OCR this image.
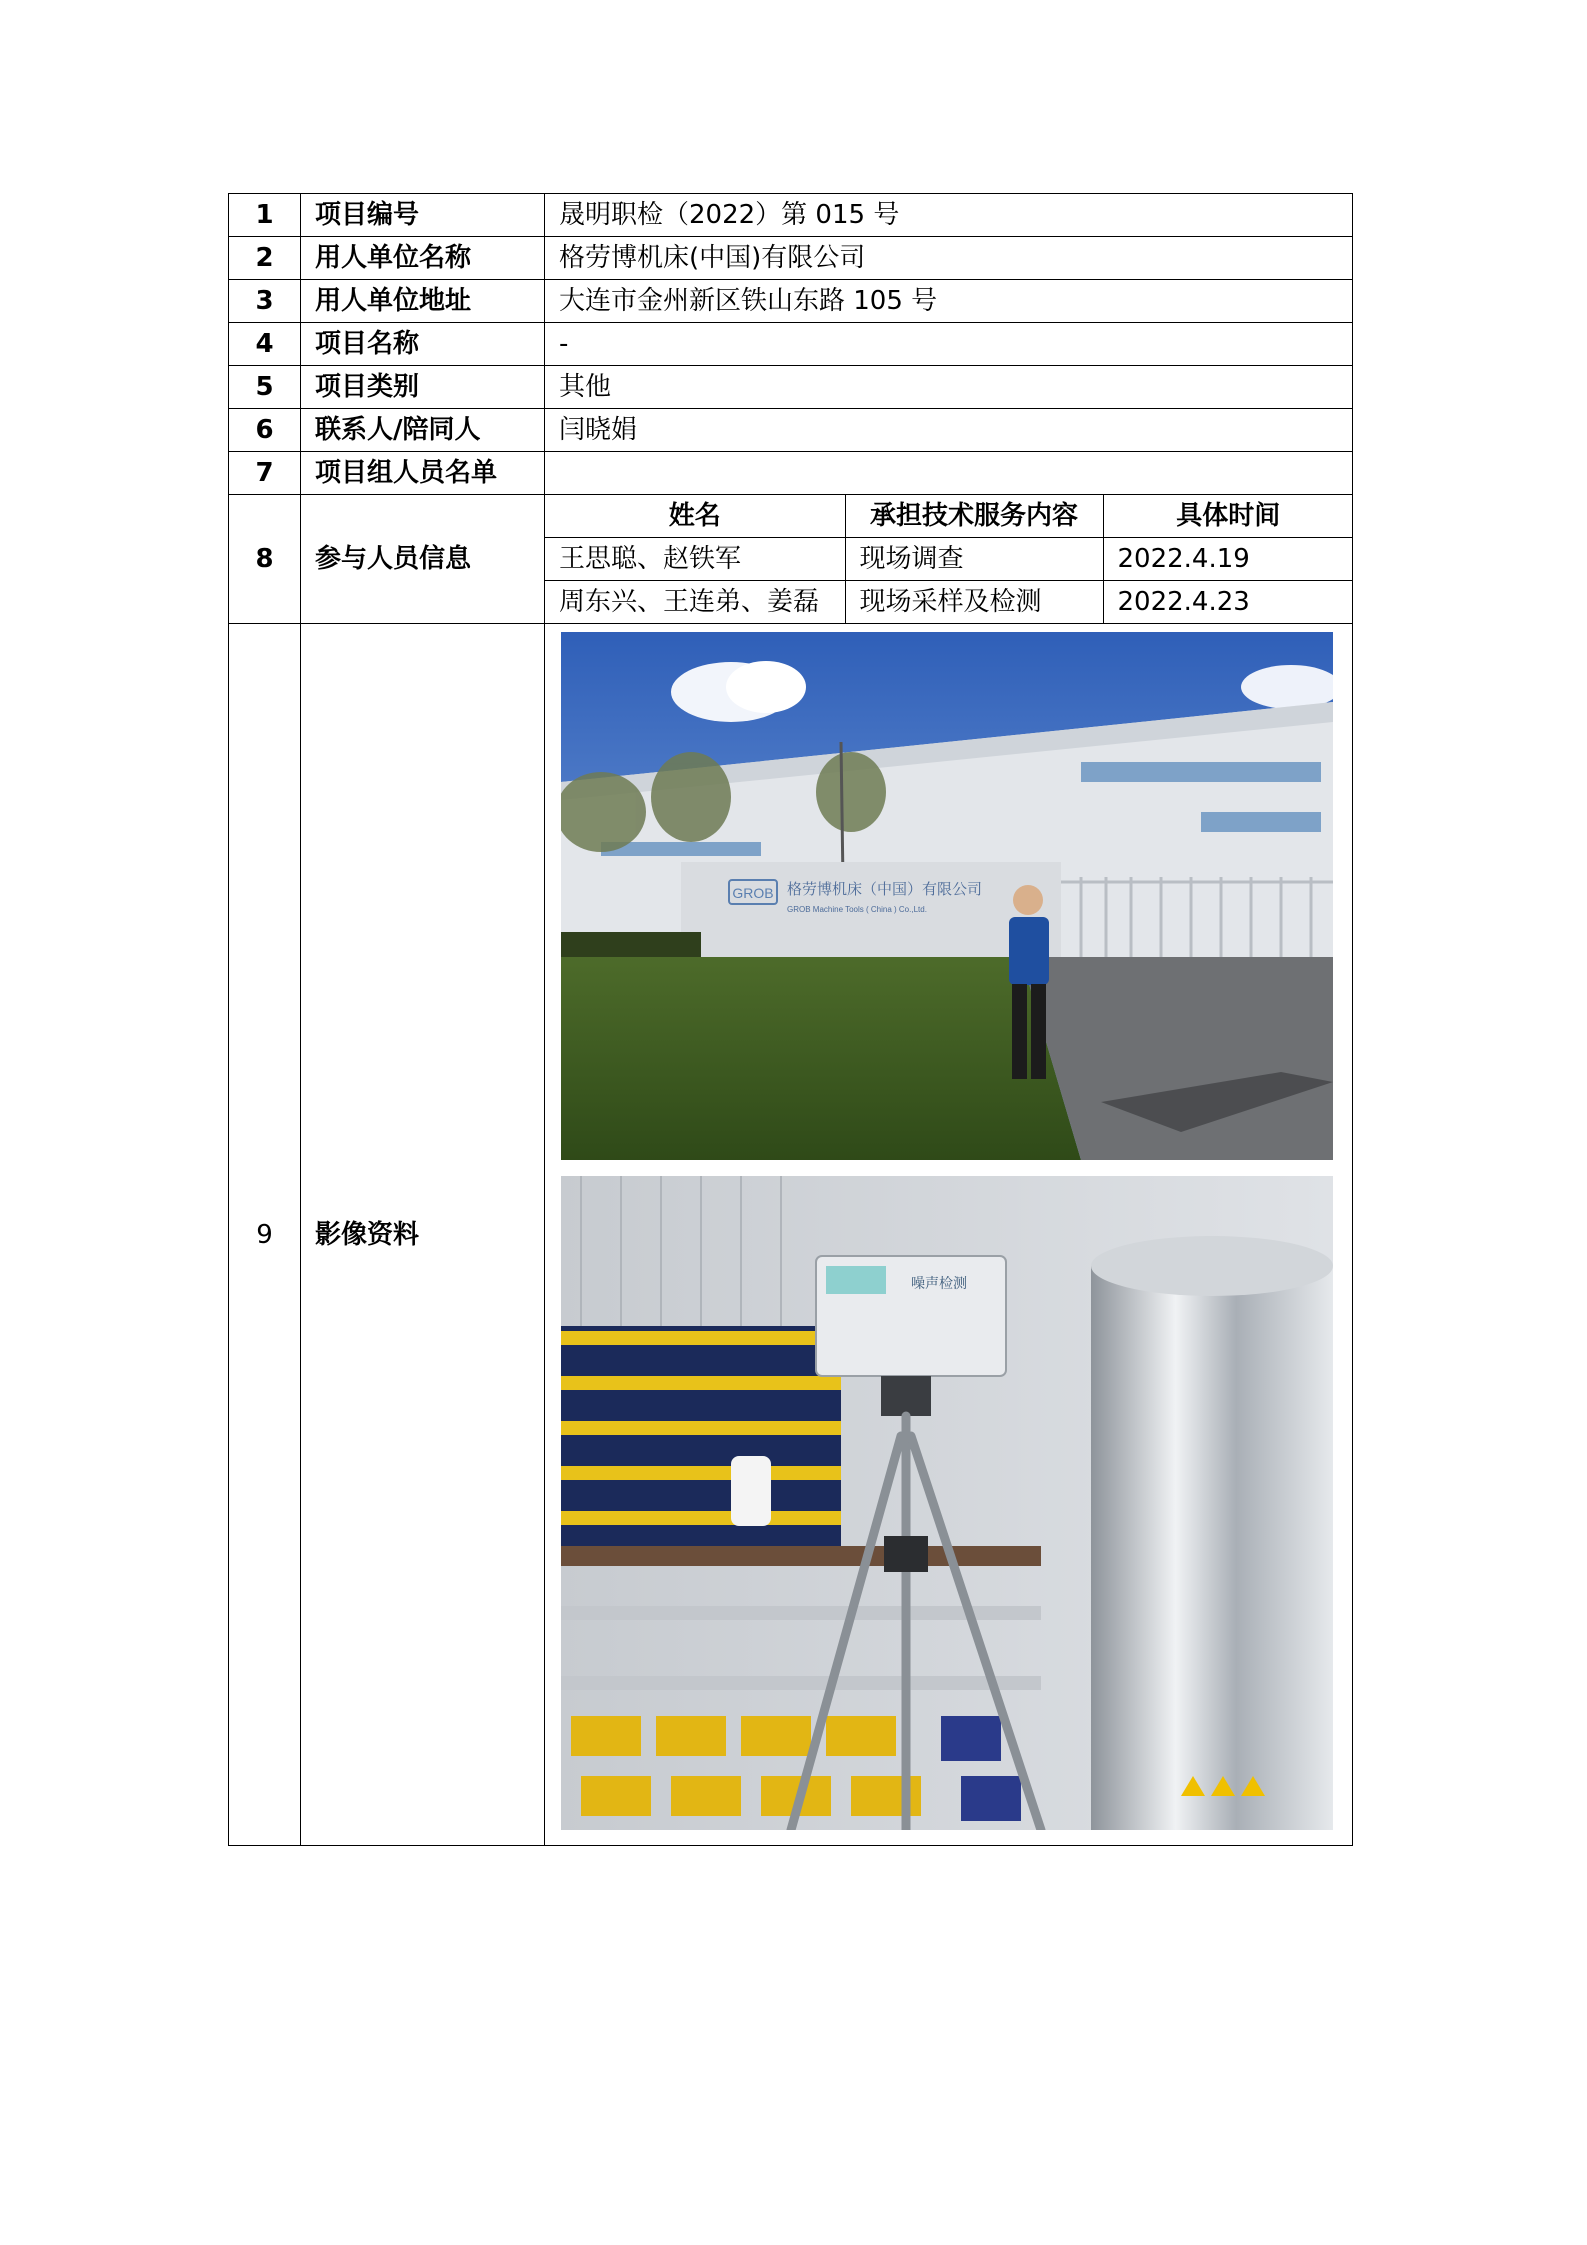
1	项目编号	晟明职检（2022）第 015 号
2	用人单位名称	格劳博机床(中国)有限公司
3	用人单位地址	大连市金州新区铁山东路 105 号
4	项目名称	-
5	项目类别	其他
6	联系人/陪同人	闫晓娟
7	项目组人员名单	
8	参与人员信息	
姓名	承担技术服务内容	具体时间
王思聪、赵铁军	现场调查	2022.4.19
周东兴、王连弟、姜磊	现场采样及检测	2022.4.23

9	影像资料	
GROB 格劳博机床（中国）有限公司
GROB Machine Tools ( China ) Co.,Ltd.
噪声检测
